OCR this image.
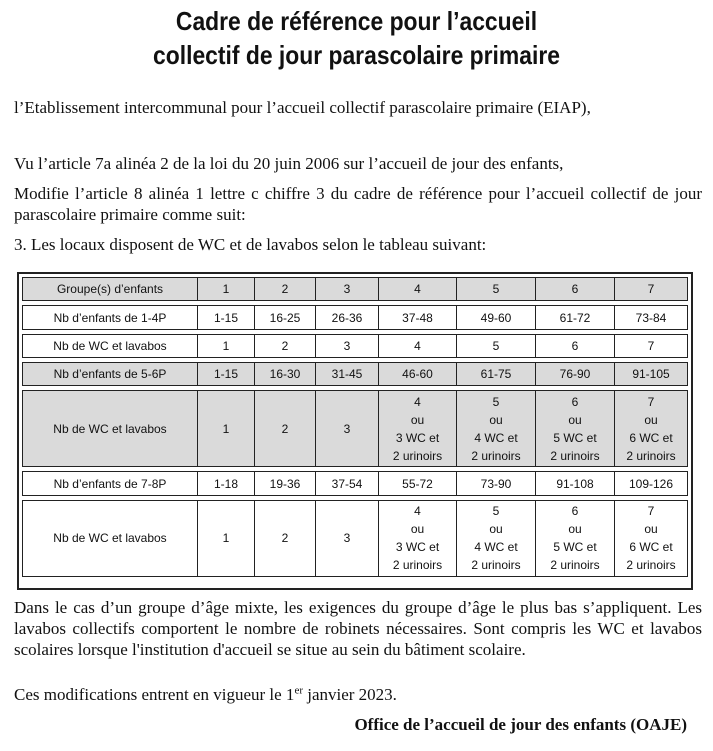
Cadre de référence pour l’accueil
collectif de jour parascolaire primaire
l’Etablissement intercommunal pour l’accueil collectif parascolaire primaire (EIAP),
Vu l’article 7a alinéa 2 de la loi du 20 juin 2006 sur l’accueil de jour des enfants,
Modifie l’article 8 alinéa 1 lettre c chiffre 3 du cadre de référence pour l’accueil collectif de jour parascolaire primaire comme suit:
3. Les locaux disposent de WC et de lavabos selon le tableau suivant:
Groupe(s) d’enfants	1	2	3	4	5	6	7
Nb d’enfants de 1-4P	1-15	16-25	26-36	37-48	49-60	61-72	73-84
Nb de WC et lavabos	1	2	3	4	5	6	7
Nb d’enfants de 5-6P	1-15	16-30	31-45	46-60	61-75	76-90	91-105
Nb de WC et lavabos	1	2	3	4
ou
3 WC et
2 urinoirs	5
ou
4 WC et
2 urinoirs	6
ou
5 WC et
2 urinoirs	7
ou
6 WC et
2 urinoirs

Nb d’enfants de 7-8P	1-18	19-36	37-54	55-72	73-90	91-108	109-126
Nb de WC et lavabos	1	2	3	4
ou
3 WC et
2 urinoirs	5
ou
4 WC et
2 urinoirs	6
ou
5 WC et
2 urinoirs	7
ou
6 WC et
2 urinoirs
Dans le cas d’un groupe d’âge mixte, les exigences du groupe d’âge le plus bas s’appliquent. Les lavabos collectifs comportent le nombre de robinets nécessaires. Sont compris les WC et lavabos scolaires lorsque l'institution d'accueil se situe au sein du bâtiment scolaire.
Ces modifications entrent en vigueur le 1er janvier 2023.
Office de l’accueil de jour des enfants (OAJE)
